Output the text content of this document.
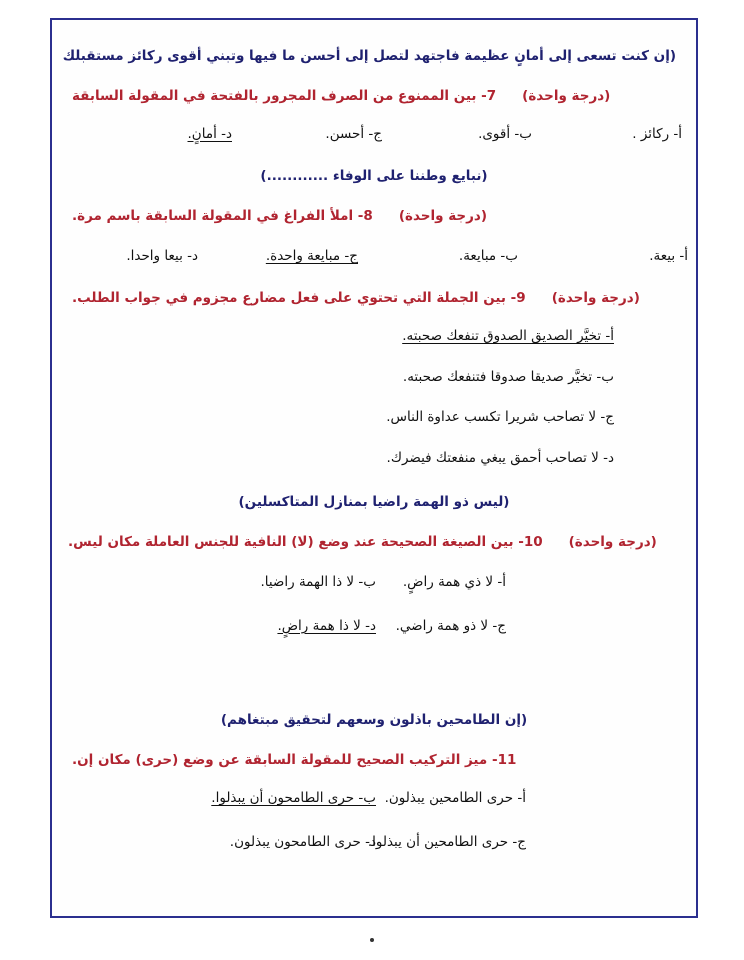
(إن كنت تسعى إلى أمانٍ عظيمة فاجتهد لتصل إلى أحسن ما فيها وتبني أقوى ركائز مستقبلك
(درجة واحدة)
7- بين الممنوع من الصرف المجرور بالفتحة في المقولة السابقة
أ- ركائز .
ب- أقوى.
ج- أحسن.
د- أمانٍ.
(نبايع وطننا على الوفاء ............)
(درجة واحدة)
8- املأ الفراغ في المقولة السابقة باسم مرة.
أ- بيعة.
ب- مبايعة.
ج- مبايعة واحدة.
د- بيعا واحدا.
(درجة واحدة)
9- بين الجملة التي تحتوي على فعل مضارع مجزوم في جواب الطلب.
أ- تخيَّر الصديق الصدوق تنفعك صحبته.
ب- تخيَّر صديقا صدوقا فتنفعك صحبته.
ج- لا تصاحب شريرا تكسب عداوة الناس.
د- لا تصاحب أحمق يبغي منفعتك فيضرك.
(ليس ذو الهمة راضيا بمنازل المتاكسلين)
(درجة واحدة)
10- بين الصيغة الصحيحة عند وضع (لا) النافية للجنس العاملة مكان ليس.
أ- لا ذي همة راضٍ.
ب- لا ذا الهمة راضيا.
ج- لا ذو همة راضي.
د- لا ذا همة راضٍ.
(إن الطامحين باذلون وسعهم لتحقيق مبتغاهم)
11- ميز التركيب الصحيح للمقولة السابقة عن وضع (حرى) مكان إن.
أ- حرى الطامحين يبذلون.
ب- حرى الطامحون أن يبذلوا.
ج- حرى الطامحين أن يبذلوا.
د- حرى الطامحون يبذلون.
